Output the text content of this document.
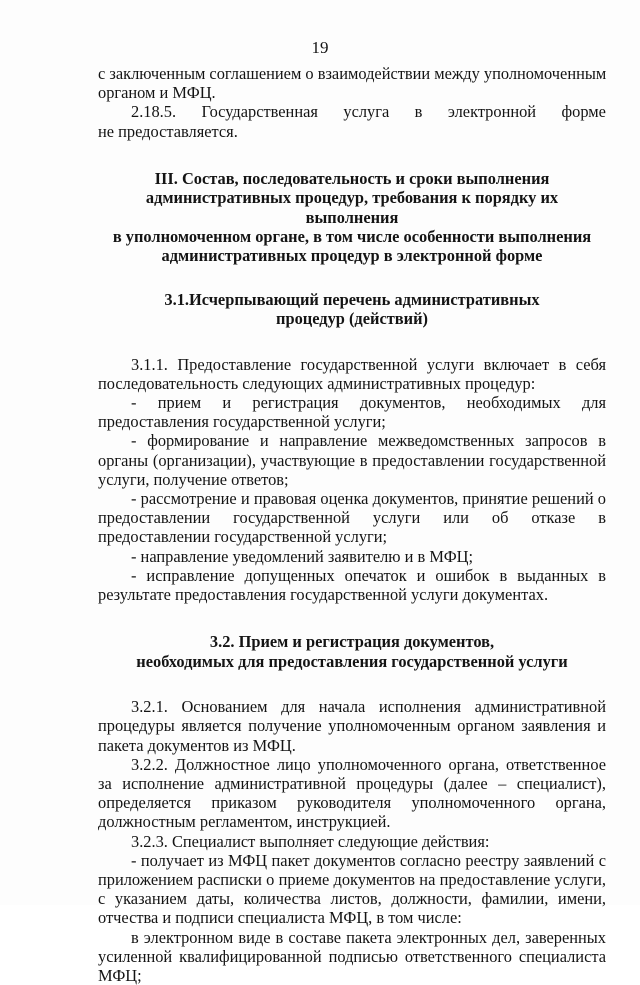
19

с заключенным соглашением о взаимодействии между уполномоченным

органом и МФЦ.

2.18.5. Государственная услуга в электронной форме

не предоставляется.

III. Состав, последовательность и сроки выполнения
административных процедур, требования к порядку их выполнения
в уполномоченном органе, в том числе особенности выполнения
административных процедур в электронной форме
3.1.Исчерпывающий перечень административных
процедур (действий)

3.1.1. Предоставление государственной услуги включает в себя последовательность следующих административных процедур:

- прием и регистрация документов, необходимых для предоставления государственной услуги;

- формирование и направление межведомственных запросов в органы (организации), участвующие в предоставлении государственной услуги, получение ответов;

- рассмотрение и правовая оценка документов, принятие решений о предоставлении государственной услуги или об отказе в предоставлении государственной услуги;

- направление уведомлений заявителю и в МФЦ;

- исправление допущенных опечаток и ошибок в выданных в результате предоставления государственной услуги документах.

3.2. Прием и регистрация документов,
необходимых для предоставления государственной услуги

3.2.1. Основанием для начала исполнения административной процедуры является получение уполномоченным органом заявления и пакета документов из МФЦ.

3.2.2. Должностное лицо уполномоченного органа, ответственное за исполнение административной процедуры (далее – специалист), определяется приказом руководителя уполномоченного органа, должностным регламентом, инструкцией.

3.2.3. Специалист выполняет следующие действия:

- получает из МФЦ пакет документов согласно реестру заявлений с приложением расписки о приеме документов на предоставление услуги, с указанием даты, количества листов, должности, фамилии, имени, отчества и подписи специалиста МФЦ, в том числе:

в электронном виде в составе пакета электронных дел, заверенных усиленной квалифицированной подписью ответственного специалиста МФЦ;
